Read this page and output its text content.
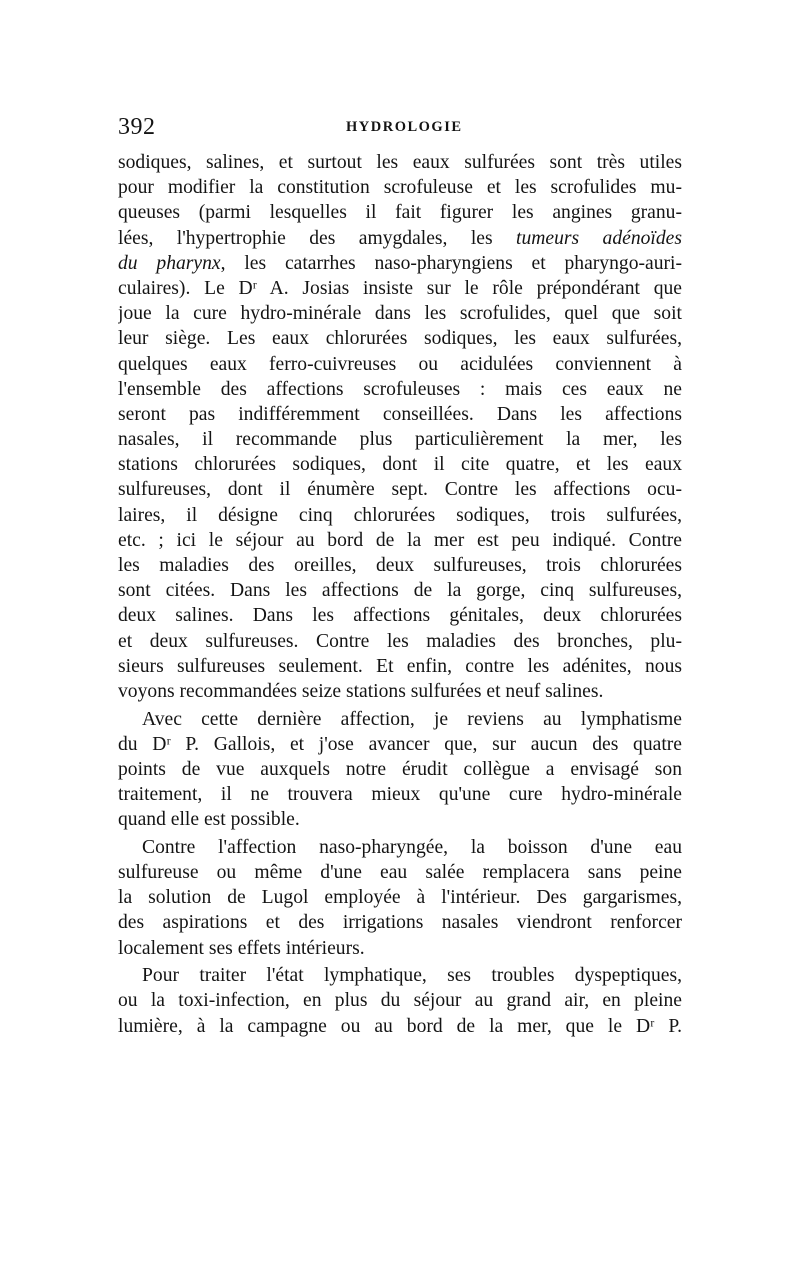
392	HYDROLOGIE
sodiques, salines, et surtout les eaux sulfurées sont très utiles
pour modifier la constitution scrofuleuse et les scrofulides mu-
queuses (parmi lesquelles il fait figurer les angines granu-
lées, l'hypertrophie des amygdales, les tumeurs adénoïdes
du pharynx, les catarrhes naso-pharyngiens et pharyngo-auri-
culaires). Le Dʳ A. Josias insiste sur le rôle prépondérant que
joue la cure hydro-minérale dans les scrofulides, quel que soit
leur siège. Les eaux chlorurées sodiques, les eaux sulfurées,
quelques eaux ferro-cuivreuses ou acidulées conviennent à
l'ensemble des affections scrofuleuses : mais ces eaux ne
seront pas indifféremment conseillées. Dans les affections
nasales, il recommande plus particulièrement la mer, les
stations chlorurées sodiques, dont il cite quatre, et les eaux
sulfureuses, dont il énumère sept. Contre les affections ocu-
laires, il désigne cinq chlorurées sodiques, trois sulfurées,
etc. ; ici le séjour au bord de la mer est peu indiqué. Contre
les maladies des oreilles, deux sulfureuses, trois chlorurées
sont citées. Dans les affections de la gorge, cinq sulfureuses,
deux salines. Dans les affections génitales, deux chlorurées
et deux sulfureuses. Contre les maladies des bronches, plu-
sieurs sulfureuses seulement. Et enfin, contre les adénites, nous
voyons recommandées seize stations sulfurées et neuf salines.
Avec cette dernière affection, je reviens au lymphatisme
du Dʳ P. Gallois, et j'ose avancer que, sur aucun des quatre
points de vue auxquels notre érudit collègue a envisagé son
traitement, il ne trouvera mieux qu'une cure hydro-minérale
quand elle est possible.
Contre l'affection naso-pharyngée, la boisson d'une eau
sulfureuse ou même d'une eau salée remplacera sans peine
la solution de Lugol employée à l'intérieur. Des gargarismes,
des aspirations et des irrigations nasales viendront renforcer
localement ses effets intérieurs.
Pour traiter l'état lymphatique, ses troubles dyspeptiques,
ou la toxi-infection, en plus du séjour au grand air, en pleine
lumière, à la campagne ou au bord de la mer, que le Dʳ P.
